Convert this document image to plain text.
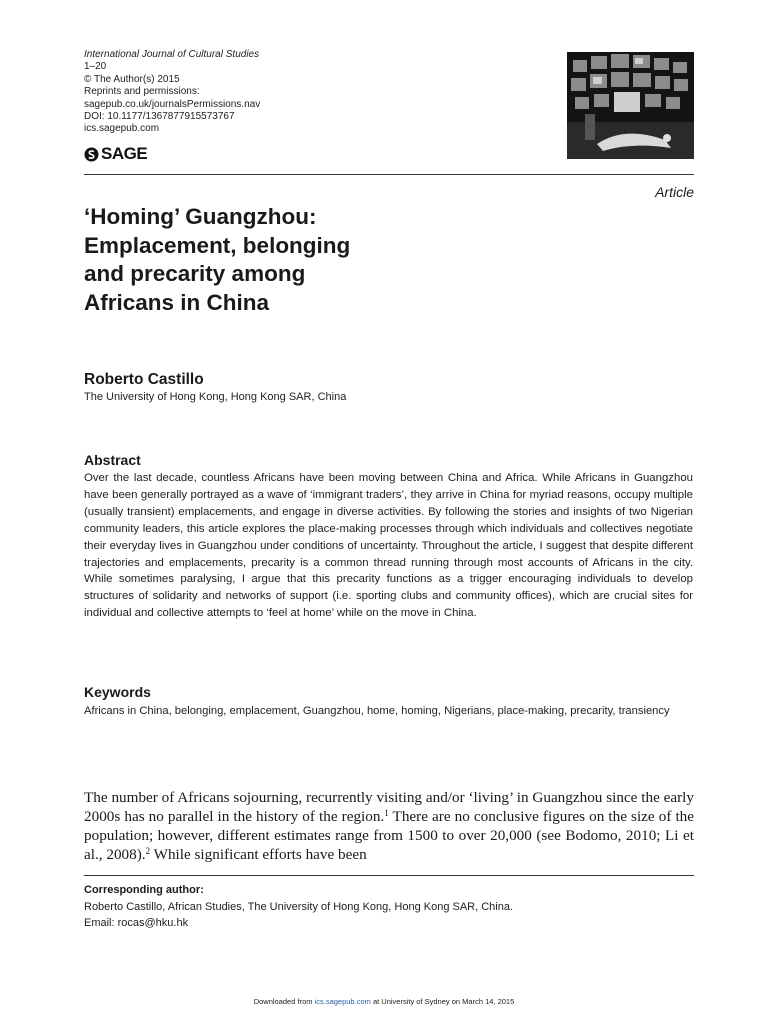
International Journal of Cultural Studies
1–20
© The Author(s) 2015
Reprints and permissions:
sagepub.co.uk/journalsPermissions.nav
DOI: 10.1177/1367877915573767
ics.sagepub.com
SAGE
Article
‘Homing’ Guangzhou:
Emplacement, belonging
and precarity among
Africans in China
Roberto Castillo
The University of Hong Kong, Hong Kong SAR, China
Abstract
Over the last decade, countless Africans have been moving between China and Africa. While Africans in Guangzhou have been generally portrayed as a wave of ‘immigrant traders’, they arrive in China for myriad reasons, occupy multiple (usually transient) emplacements, and engage in diverse activities. By following the stories and insights of two Nigerian community leaders, this article explores the place-making processes through which individuals and collectives negotiate their everyday lives in Guangzhou under conditions of uncertainty. Throughout the article, I suggest that despite different trajectories and emplacements, precarity is a common thread running through most accounts of Africans in the city. While sometimes paralysing, I argue that this precarity functions as a trigger encouraging individuals to develop structures of solidarity and networks of support (i.e. sporting clubs and community offices), which are crucial sites for individual and collective attempts to ‘feel at home’ while on the move in China.
Keywords
Africans in China, belonging, emplacement, Guangzhou, home, homing, Nigerians, place-making, precarity, transiency
The number of Africans sojourning, recurrently visiting and/or ‘living’ in Guangzhou since the early 2000s has no parallel in the history of the region.$^1$ There are no conclusive figures on the size of the population; however, different estimates range from 1500 to over 20,000 (see Bodomo, 2010; Li et al., 2008).$^2$ While significant efforts have been
Corresponding author:
Roberto Castillo, African Studies, The University of Hong Kong, Hong Kong SAR, China.
Email: rocas@hku.hk
Downloaded from ics.sagepub.com at University of Sydney on March 14, 2015
